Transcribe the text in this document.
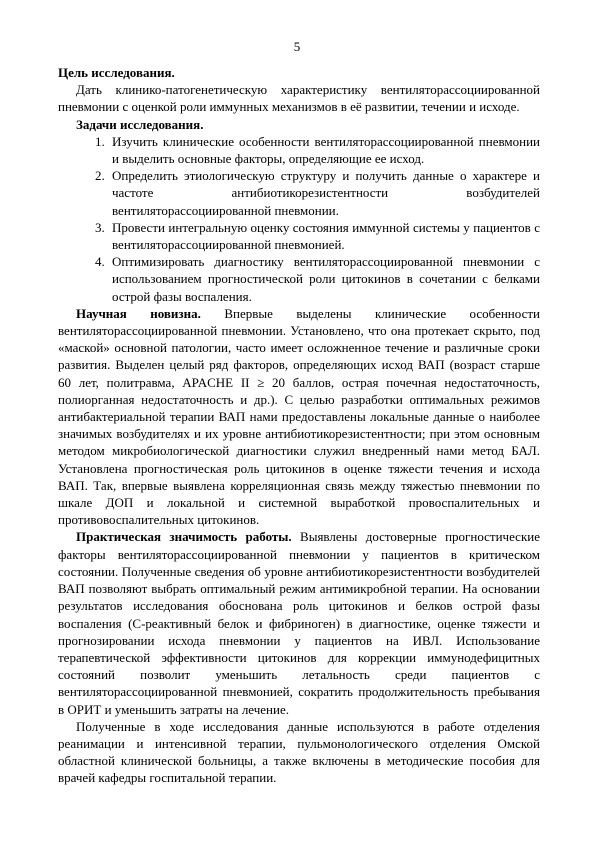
5

Цель исследования.

Дать клинико-патогенетическую характеристику вентиляторассоциированной пневмонии с оценкой роли иммунных механизмов в её развитии, течении и исходе.

Задачи исследования.

1. Изучить клинические особенности вентиляторассоциированной пневмонии и выделить основные факторы, определяющие ее исход.
2. Определить этиологическую структуру и получить данные о характере и частоте антибиотикорезистентности возбудителей вентиляторассоциированной пневмонии.
3. Провести интегральную оценку состояния иммунной системы у пациентов с вентиляторассоциированной пневмонией.
4. Оптимизировать диагностику вентиляторассоциированной пневмонии с использованием прогностической роли цитокинов в сочетании с белками острой фазы воспаления.

Научная новизна. Впервые выделены клинические особенности вентиляторассоциированной пневмонии. Установлено, что она протекает скрыто, под «маской» основной патологии, часто имеет осложненное течение и различные сроки развития. Выделен целый ряд факторов, определяющих исход ВАП (возраст старше 60 лет, политравма, APACHE II ≥ 20 баллов, острая почечная недостаточность, полиорганная недостаточность и др.). С целью разработки оптимальных режимов антибактериальной терапии ВАП нами предоставлены локальные данные о наиболее значимых возбудителях и их уровне антибиотикорезистентности; при этом основным методом микробиологической диагностики служил внедренный нами метод БАЛ. Установлена прогностическая роль цитокинов в оценке тяжести течения и исхода ВАП. Так, впервые выявлена корреляционная связь между тяжестью пневмонии по шкале ДОП и локальной и системной выработкой провоспалительных и противовоспалительных цитокинов.

Практическая значимость работы. Выявлены достоверные прогностические факторы вентиляторассоциированной пневмонии у пациентов в критическом состоянии. Полученные сведения об уровне антибиотикорезистентности возбудителей ВАП позволяют выбрать оптимальный режим антимикробной терапии. На основании результатов исследования обоснована роль цитокинов и белков острой фазы воспаления (С-реактивный белок и фибриноген) в диагностике, оценке тяжести и прогнозировании исхода пневмонии у пациентов на ИВЛ. Использование терапевтической эффективности цитокинов для коррекции иммунодефицитных состояний позволит уменьшить летальность среди пациентов с вентиляторассоциированной пневмонией, сократить продолжительность пребывания в ОРИТ и уменьшить затраты на лечение.

Полученные в ходе исследования данные используются в работе отделения реанимации и интенсивной терапии, пульмонологического отделения Омской областной клинической больницы, а также включены в методические пособия для врачей кафедры госпитальной терапии.
